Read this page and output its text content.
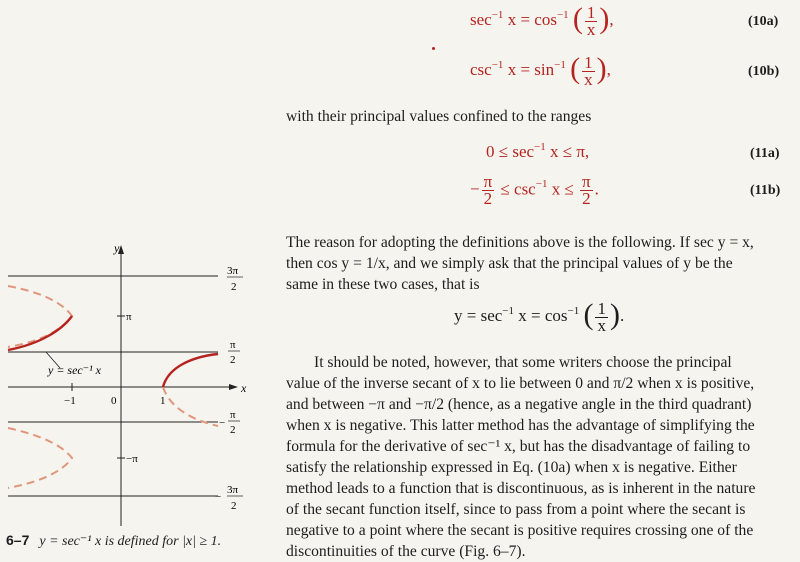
$\sec^{-1} x = \cos^{-1}$ ( $\frac{1}{x}$ ),	(10a)
$\csc^{-1} x = \sin^{-1}$ ( $\frac{1}{x}$ ),	(10b)
with their principal values confined to the ranges
$0 \le \sec^{-1} x \le \pi$,	(11a)
− $\frac{\pi}{2} \le \csc^{-1} x \le \frac{\pi}{2}$ .	(11b)
The reason for adopting the definitions above is the following. If sec y = x,
then cos y = 1/x, and we simply ask that the principal values of y be the
same in these two cases, that is
$y = \sec^{-1} x = \cos^{-1}$ ( $\frac{1}{x}$ ).
It should be noted, however, that some writers choose the principal
value of the inverse secant of x to lie between 0 and π/2 when x is positive,
and between −π and −π/2 (hence, as a negative angle in the third quadrant)
when x is negative. This latter method has the advantage of simplifying the
formula for the derivative of sec⁻¹ x, but has the disadvantage of failing to
satisfy the relationship expressed in Eq. (10a) when x is negative. Either
method leads to a function that is discontinuous, as is inherent in the nature
of the secant function itself, since to pass from a point where the secant is
negative to a point where the secant is positive requires crossing one of the
discontinuities of the curve (Fig. 6–7).
y
x
π
−π
3π
2
π
2
−
π
2
−
3π
2
−1	0	1
y = sec⁻¹ x
6–7 y = sec⁻¹ x is defined for |x| ≥ 1.
